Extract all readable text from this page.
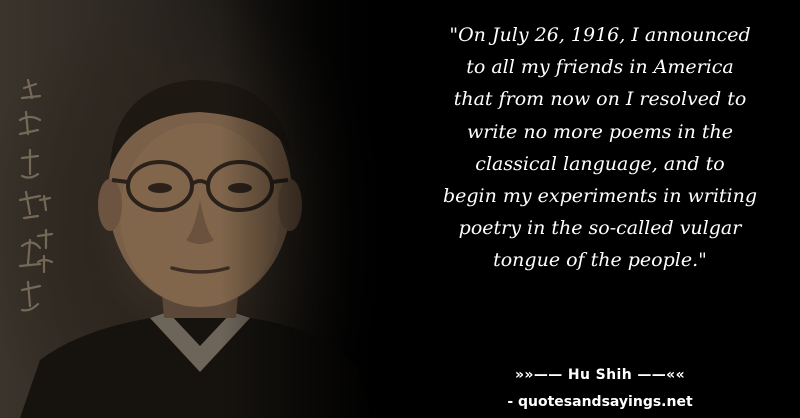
"On July 26, 1916, I announced
to all my friends in America
that from now on I resolved to
write no more poems in the
classical language, and to
begin my experiments in writing
poetry in the so-called vulgar
tongue of the people."

»»—— Hu Shih ——««
- quotesandsayings.net
